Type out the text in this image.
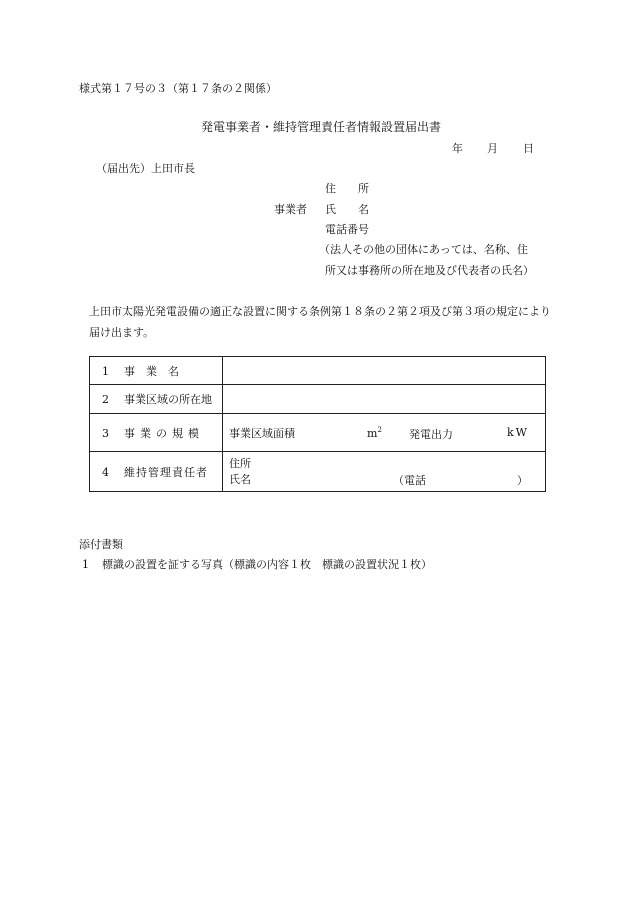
様式第１７号の３（第１７条の２関係）
発電事業者・維持管理責任者情報設置届出書
年 月 日
（届出先）上田市長
事業者
住　　所
氏　　名
電話番号
（法人その他の団体にあっては、名称、住
所又は事務所の所在地及び代表者の氏名）
上田市太陽光発電設備の適正な設置に関する条例第１８条の２第２項及び第３項の規定により届け出ます。
1 事　業　名	
2 事業区域の所在地	
3 事業の規模	事業区域面積 $m^2$ 発電出力 kW

4 維持管理責任者	住所
氏名 （電話 ）
添付書類
1 標識の設置を証する写真（標識の内容１枚　標識の設置状況１枚）
